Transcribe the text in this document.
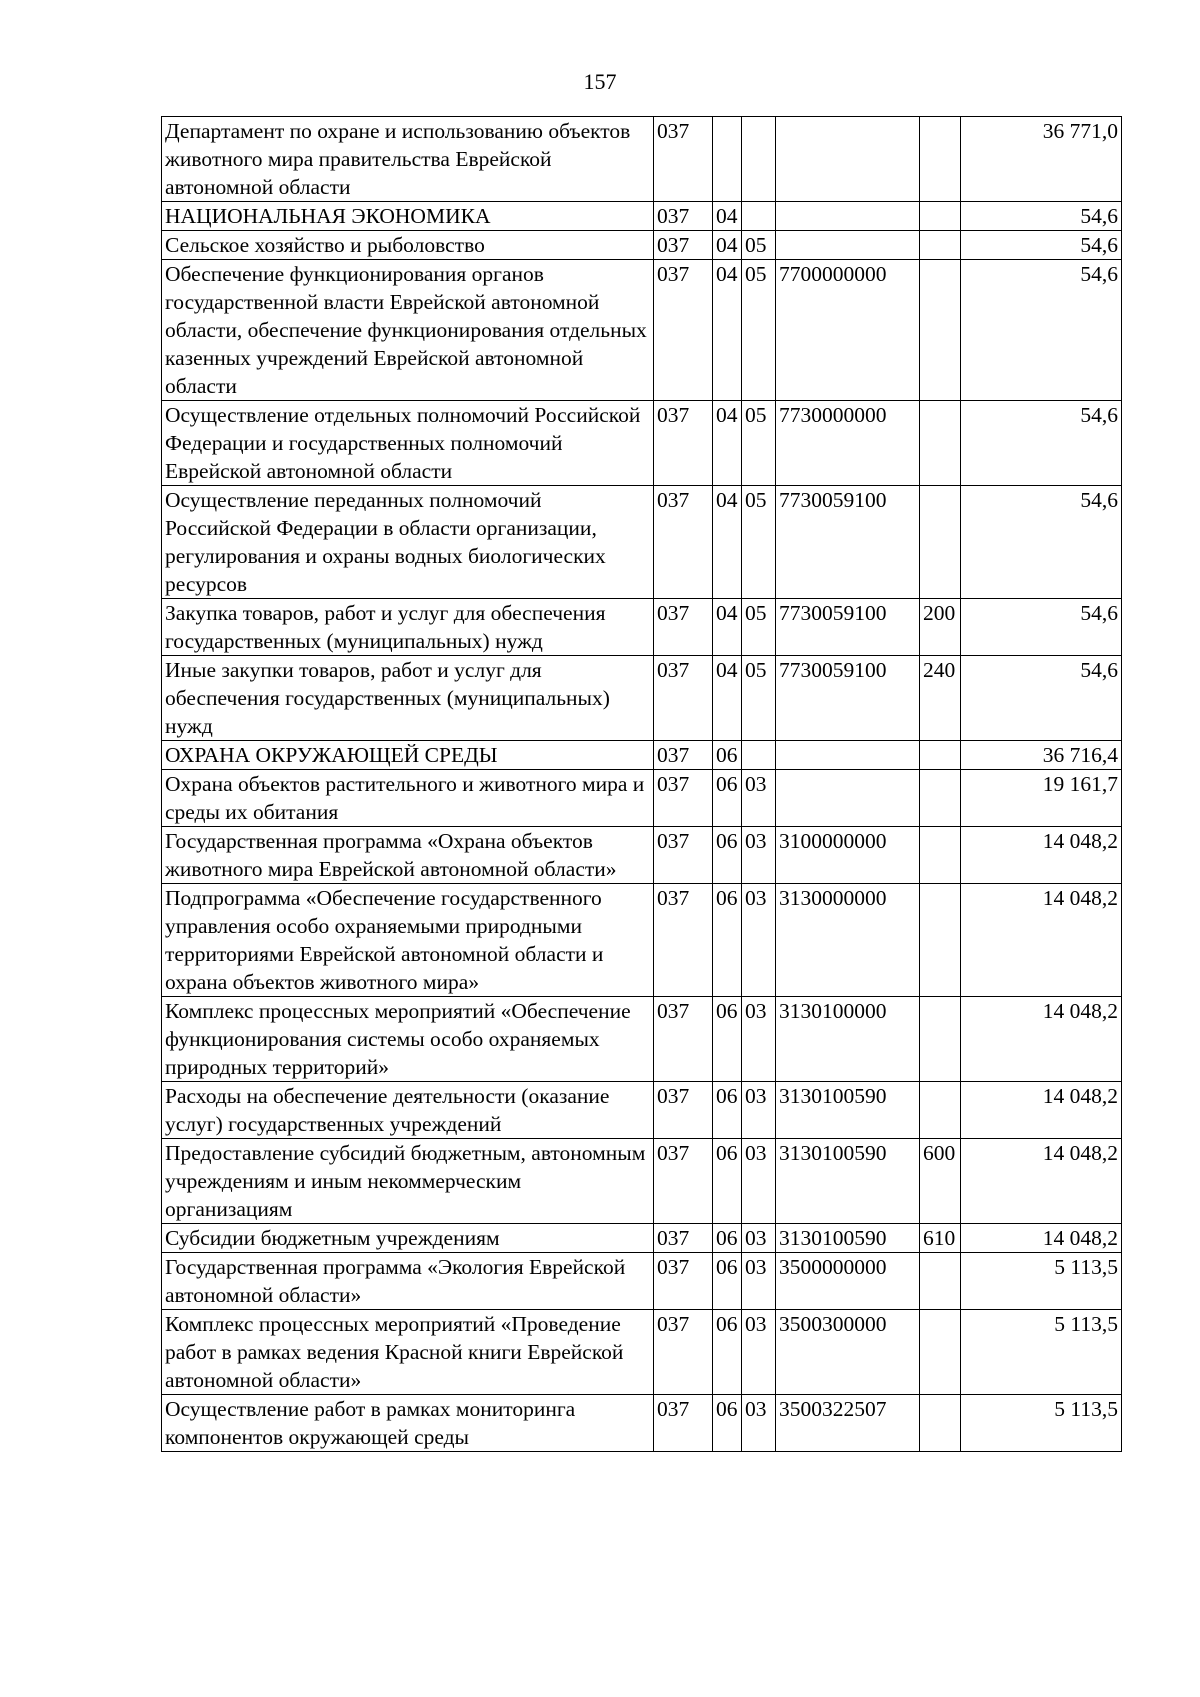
157
Департамент по охране и использованию объектов животного мира правительства Еврейской автономной области	037					36 771,0
НАЦИОНАЛЬНАЯ ЭКОНОМИКА	037	04				54,6
Сельское хозяйство и рыболовство	037	04	05			54,6
Обеспечение функционирования органов государственной власти Еврейской автономной области, обеспечение функционирования отдельных казенных учреждений Еврейской автономной области	037	04	05	7700000000		54,6
Осуществление отдельных полномочий Российской Федерации и государственных полномочий Еврейской автономной области	037	04	05	7730000000		54,6
Осуществление переданных полномочий Российской Федерации в области организации, регулирования и охраны водных биологических ресурсов	037	04	05	7730059100		54,6
Закупка товаров, работ и услуг для обеспечения государственных (муниципальных) нужд	037	04	05	7730059100	200	54,6
Иные закупки товаров, работ и услуг для обеспечения государственных (муниципальных) нужд	037	04	05	7730059100	240	54,6
ОХРАНА ОКРУЖАЮЩЕЙ СРЕДЫ	037	06				36 716,4
Охрана объектов растительного и животного мира и среды их обитания	037	06	03			19 161,7
Государственная программа «Охрана объектов животного мира Еврейской автономной области»	037	06	03	3100000000		14 048,2
Подпрограмма «Обеспечение государственного управления особо охраняемыми природными территориями Еврейской автономной области и охрана объектов животного мира»	037	06	03	3130000000		14 048,2
Комплекс процессных мероприятий «Обеспечение функционирования системы особо охраняемых природных территорий»	037	06	03	3130100000		14 048,2
Расходы на обеспечение деятельности (оказание услуг) государственных учреждений	037	06	03	3130100590		14 048,2
Предоставление субсидий бюджетным, автономным учреждениям и иным некоммерческим организациям	037	06	03	3130100590	600	14 048,2
Субсидии бюджетным учреждениям	037	06	03	3130100590	610	14 048,2
Государственная программа «Экология Еврейской автономной области»	037	06	03	3500000000		5 113,5
Комплекс процессных мероприятий «Проведение работ в рамках ведения Красной книги Еврейской автономной области»	037	06	03	3500300000		5 113,5
Осуществление работ в рамках мониторинга компонентов окружающей среды	037	06	03	3500322507		5 113,5
